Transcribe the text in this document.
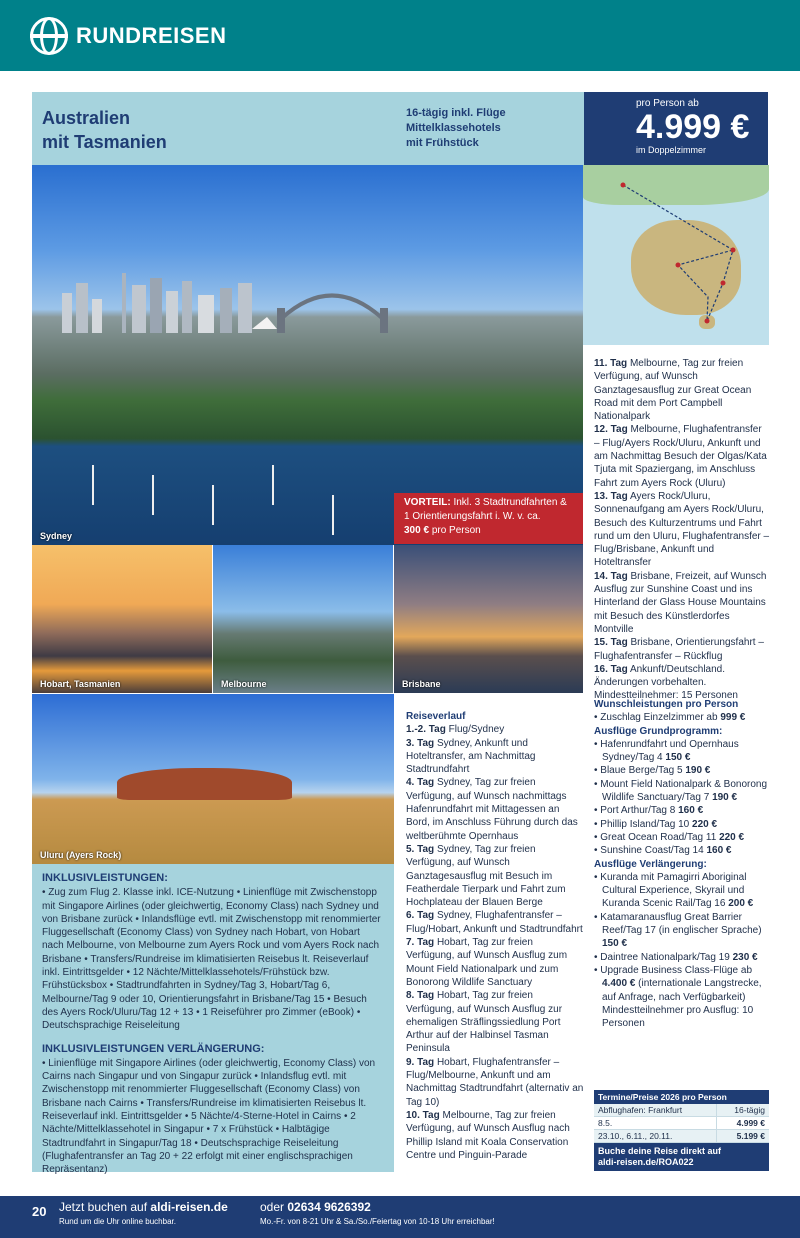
RUNDREISEN
Australien
mit Tasmanien
16-tägig inkl. Flüge
Mittelklassehotels
mit Frühstück
pro Person ab
4.999 €
im Doppelzimmer
Sydney
VORTEIL: Inkl. 3 Stadtrundfahrten & 1 Orientierungsfahrt i. W. v. ca.
300 € pro Person
Hobart, Tasmanien	Melbourne	Brisbane
Uluru (Ayers Rock)
INKLUSIVLEISTUNGEN:

• Zug zum Flug 2. Klasse inkl. ICE-Nutzung • Linienflüge mit Zwischenstopp mit Singapore Airlines (oder gleichwertig, Economy Class) nach Sydney und von Brisbane zurück • Inlandsflüge evtl. mit Zwischenstopp mit renommierter Fluggesellschaft (Economy Class) von Sydney nach Hobart, von Hobart nach Melbourne, von Melbourne zum Ayers Rock und vom Ayers Rock nach Brisbane • Transfers/Rundreise im klimatisierten Reisebus lt. Reiseverlauf inkl. Eintrittsgelder • 12 Nächte/Mittelklassehotels/Frühstück bzw. Frühstücksbox • Stadtrundfahrten in Sydney/Tag 3, Hobart/Tag 6, Melbourne/Tag 9 oder 10, Orientierungsfahrt in Brisbane/Tag 15 • Besuch des Ayers Rock/Uluru/Tag 12 + 13 • 1 Reiseführer pro Zimmer (eBook) • Deutschsprachige Reiseleitung

INKLUSIVLEISTUNGEN VERLÄNGERUNG:

• Linienflüge mit Singapore Airlines (oder gleichwertig, Economy Class) von Cairns nach Singapur und von Singapur zurück • Inlandsflug evtl. mit Zwischenstopp mit renommierter Fluggesellschaft (Economy Class) von Brisbane nach Cairns • Transfers/Rundreise im klimatisierten Reisebus lt. Reiseverlauf inkl. Eintrittsgelder • 5 Nächte/4-Sterne-Hotel in Cairns • 2 Nächte/Mittelklassehotel in Singapur • 7 x Frühstück • Halbtägige Stadtrundfahrt in Singapur/Tag 18 • Deutschsprachige Reiseleitung (Flughafentransfer an Tag 20 + 22 erfolgt mit einer englischsprachigen Repräsentanz)

Reiseverlauf
1.-2. Tag Flug/Sydney
3. Tag Sydney, Ankunft und Hoteltransfer, am Nachmittag Stadtrundfahrt
4. Tag Sydney, Tag zur freien Verfügung, auf Wunsch nachmittags Hafenrundfahrt mit Mittagessen an Bord, im Anschluss Führung durch das weltberühmte Opernhaus
5. Tag Sydney, Tag zur freien Verfügung, auf Wunsch Ganztagesausflug mit Besuch im Featherdale Tierpark und Fahrt zum Hochplateau der Blauen Berge
6. Tag Sydney, Flughafentransfer – Flug/Hobart, Ankunft und Stadtrundfahrt
7. Tag Hobart, Tag zur freien Verfügung, auf Wunsch Ausflug zum Mount Field Nationalpark und zum Bonorong Wildlife Sanctuary
8. Tag Hobart, Tag zur freien Verfügung, auf Wunsch Ausflug zur ehemaligen Sträflingssiedlung Port Arthur auf der Halbinsel Tasman Peninsula
9. Tag Hobart, Flughafentransfer – Flug/Melbourne, Ankunft und am Nachmittag Stadtrundfahrt (alternativ an Tag 10)
10. Tag Melbourne, Tag zur freien Verfügung, auf Wunsch Ausflug nach Phillip Island mit Koala Conservation Centre und Pinguin-Parade
11. Tag Melbourne, Tag zur freien Verfügung, auf Wunsch Ganztagesausflug zur Great Ocean Road mit dem Port Campbell Nationalpark
12. Tag Melbourne, Flughafentransfer – Flug/Ayers Rock/Uluru, Ankunft und am Nachmittag Besuch der Olgas/Kata Tjuta mit Spaziergang, im Anschluss Fahrt zum Ayers Rock (Uluru)
13. Tag Ayers Rock/Uluru, Sonnenaufgang am Ayers Rock/Uluru, Besuch des Kulturzentrums und Fahrt rund um den Uluru, Flughafentransfer – Flug/Brisbane, Ankunft und Hoteltransfer
14. Tag Brisbane, Freizeit, auf Wunsch Ausflug zur Sunshine Coast und ins Hinterland der Glass House Mountains mit Besuch des Künstlerdorfes Montville
15. Tag Brisbane, Orientierungsfahrt – Flughafentransfer – Rückflug
16. Tag Ankunft/Deutschland.
Änderungen vorbehalten.
Mindestteilnehmer: 15 Personen
Wunschleistungen pro Person
• Zuschlag Einzelzimmer ab 999 €
Ausflüge Grundprogramm:
• Hafenrundfahrt und Opernhaus Sydney/Tag 4 150 €
• Blaue Berge/Tag 5 190 €
• Mount Field Nationalpark & Bonorong Wildlife Sanctuary/Tag 7 190 €
• Port Arthur/Tag 8 160 €
• Phillip Island/Tag 10 220 €
• Great Ocean Road/Tag 11 220 €
• Sunshine Coast/Tag 14 160 €
Ausflüge Verlängerung:
• Kuranda mit Pamagirri Aboriginal Cultural Experience, Skyrail und Kuranda Scenic Rail/Tag 16 200 €
• Katamaranausflug Great Barrier Reef/Tag 17 (in englischer Sprache) 150 €
• Daintree Nationalpark/Tag 19 230 €
• Upgrade Business Class-Flüge ab 4.400 € (internationale Langstrecke, auf Anfrage, nach Verfügbarkeit)
Mindestteilnehmer pro Ausflug: 10 Personen
Termine/Preise 2026 pro Person
Abflughafen: Frankfurt	16-tägig
8.5.	4.999 €
23.10., 6.11., 20.11.	5.199 €
Buche deine Reise direkt auf
aldi-reisen.de/ROA022
20 Jetzt buchen auf aldi-reisen.de
Rund um die Uhr online buchbar.
oder 02634 9626392
Mo.-Fr. von 8-21 Uhr & Sa./So./Feiertag von 10-18 Uhr erreichbar!
